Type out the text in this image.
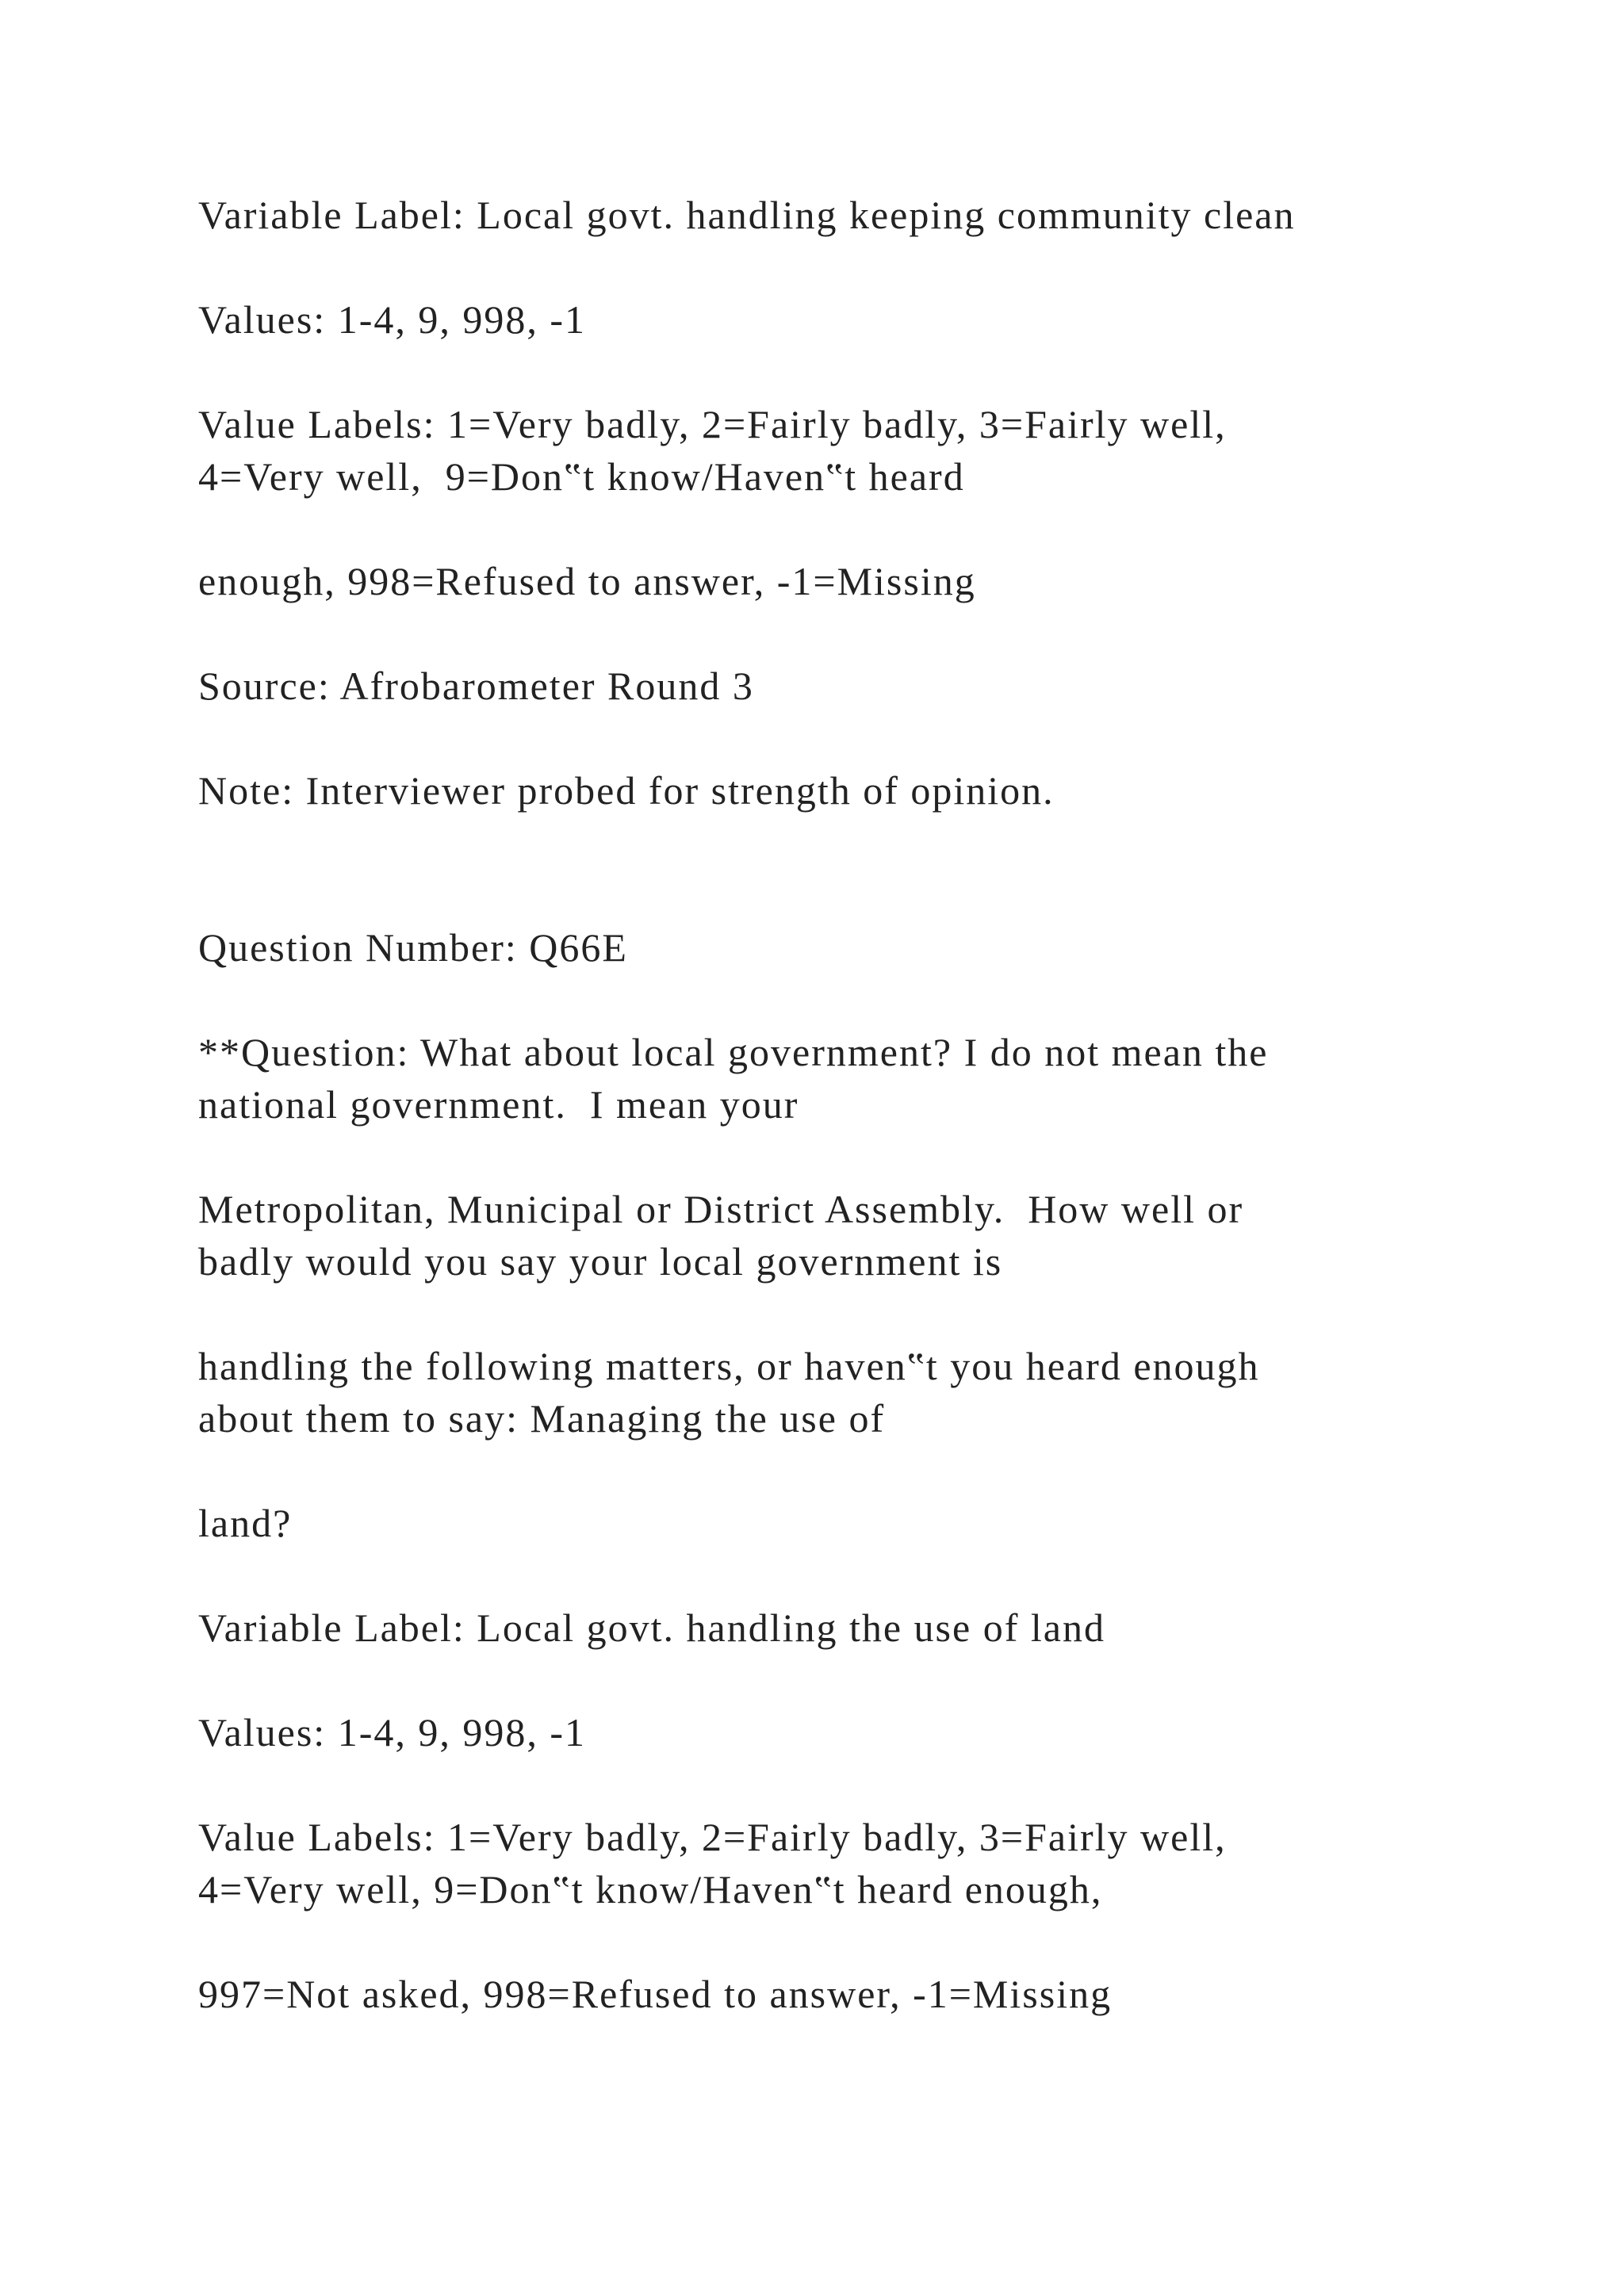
Variable Label: Local govt. handling keeping community clean

Values: 1-4, 9, 998, -1

Value Labels: 1=Very badly, 2=Fairly badly, 3=Fairly well,
4=Very well,  9=Don‟t know/Haven‟t heard

enough, 998=Refused to answer, -1=Missing

Source: Afrobarometer Round 3

Note: Interviewer probed for strength of opinion.

Question Number: Q66E

**Question: What about local government? I do not mean the
national government.  I mean your

Metropolitan, Municipal or District Assembly.  How well or
badly would you say your local government is

handling the following matters, or haven‟t you heard enough
about them to say: Managing the use of

land?

Variable Label: Local govt. handling the use of land

Values: 1-4, 9, 998, -1

Value Labels: 1=Very badly, 2=Fairly badly, 3=Fairly well,
4=Very well, 9=Don‟t know/Haven‟t heard enough,

997=Not asked, 998=Refused to answer, -1=Missing
